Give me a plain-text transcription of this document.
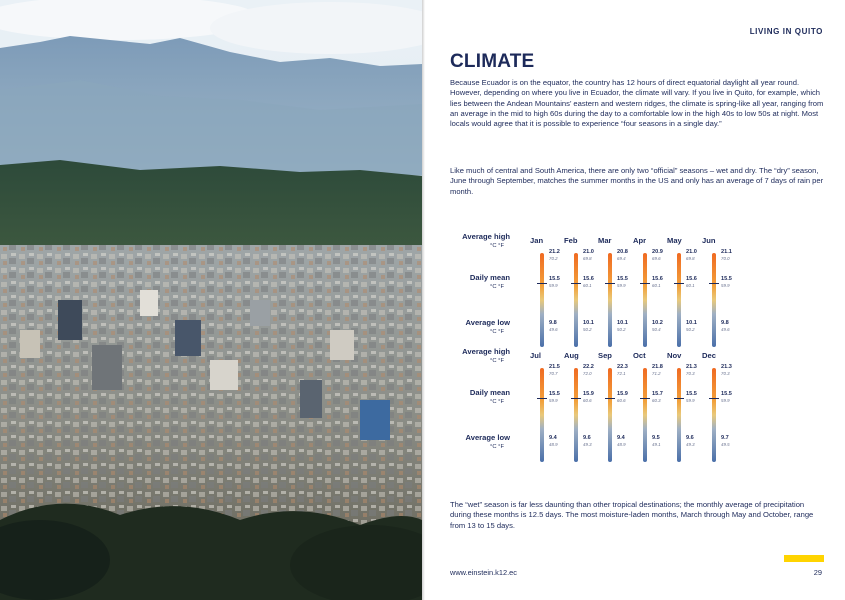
LIVING IN QUITO
CLIMATE

Because Ecuador is on the equator, the country has 12 hours of direct equatorial daylight all year round. However, depending on where you live in Ecuador, the climate will vary. If you live in Quito, for example, which lies between the Andean Mountains’ eastern and western ridges, the climate is spring-like all year, ranging from an average in the mid to high 60s during the day to a comfortable low in the high 40s to low 50s at night. Most locals would agree that it is possible to experience “four seasons in a single day.”

Like much of central and South America, there are only two “official” seasons – wet and dry. The “dry” season, June through September, matches the summer months in the US and only has an average of 7 days of rain per month.

Average high
°C °F
Daily mean
°C °F
Average low
°C °F
Jan
21.2
70.2
15.5
59.9
9.8
49.6
Feb
21.0
69.8
15.6
60.1
10.1
50.2
Mar
20.8
69.4
15.5
59.9
10.1
50.2
Apr
20.9
69.6
15.6
60.1
10.2
50.4
May
21.0
69.8
15.6
60.1
10.1
50.2
Jun
21.1
70.0
15.5
59.9
9.8
49.6
Average high
°C °F
Daily mean
°C °F
Average low
°C °F
Jul
21.5
70.7
15.5
59.9
9.4
48.9
Aug
22.2
72.0
15.9
60.6
9.6
49.3
Sep
22.3
72.1
15.9
60.6
9.4
48.9
Oct
21.8
71.2
15.7
60.3
9.5
49.1
Nov
21.3
70.3
15.5
59.9
9.6
49.3
Dec
21.3
70.3
15.5
59.9
9.7
49.5

The “wet” season is far less daunting than other tropical destinations; the monthly average of precipitation during these months is 12.5 days. The most moisture-laden months, March through May and October, range from 13 to 15 days.

www.einstein.k12.ec	29
